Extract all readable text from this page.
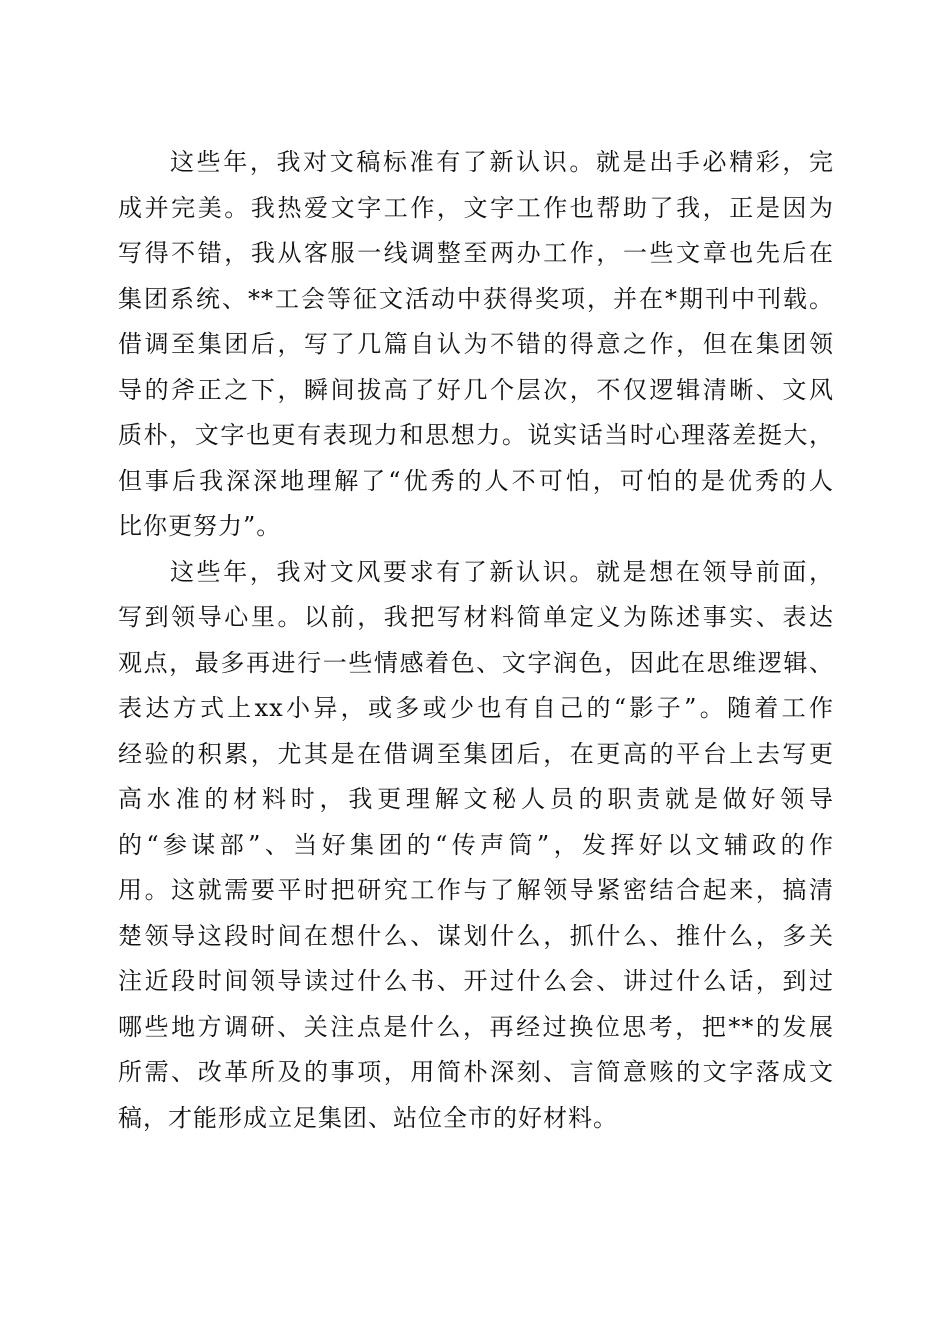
这些年，我对文稿标准有了新认识。就是出手必精彩，完
成并完美。我热爱文字工作，文字工作也帮助了我，正是因为
写得不错，我从客服一线调整至两办工作，一些文章也先后在
集团系统、**工会等征文活动中获得奖项，并在*期刊中刊载。
借调至集团后，写了几篇自认为不错的得意之作，但在集团领
导的斧正之下，瞬间拔高了好几个层次，不仅逻辑清晰、文风
质朴，文字也更有表现力和思想力。说实话当时心理落差挺大，
但事后我深深地理解了“优秀的人不可怕，可怕的是优秀的人
比你更努力”。
这些年，我对文风要求有了新认识。就是想在领导前面，
写到领导心里。以前，我把写材料简单定义为陈述事实、表达
观点，最多再进行一些情感着色、文字润色，因此在思维逻辑、
表达方式上xx小异，或多或少也有自己的“影子”。随着工作
经验的积累，尤其是在借调至集团后，在更高的平台上去写更
高水准的材料时，我更理解文秘人员的职责就是做好领导
的“参谋部”、当好集团的“传声筒”，发挥好以文辅政的作
用。这就需要平时把研究工作与了解领导紧密结合起来，搞清
楚领导这段时间在想什么、谋划什么，抓什么、推什么，多关
注近段时间领导读过什么书、开过什么会、讲过什么话，到过
哪些地方调研、关注点是什么，再经过换位思考，把**的发展
所需、改革所及的事项，用简朴深刻、言简意赅的文字落成文
稿，才能形成立足集团、站位全市的好材料。
